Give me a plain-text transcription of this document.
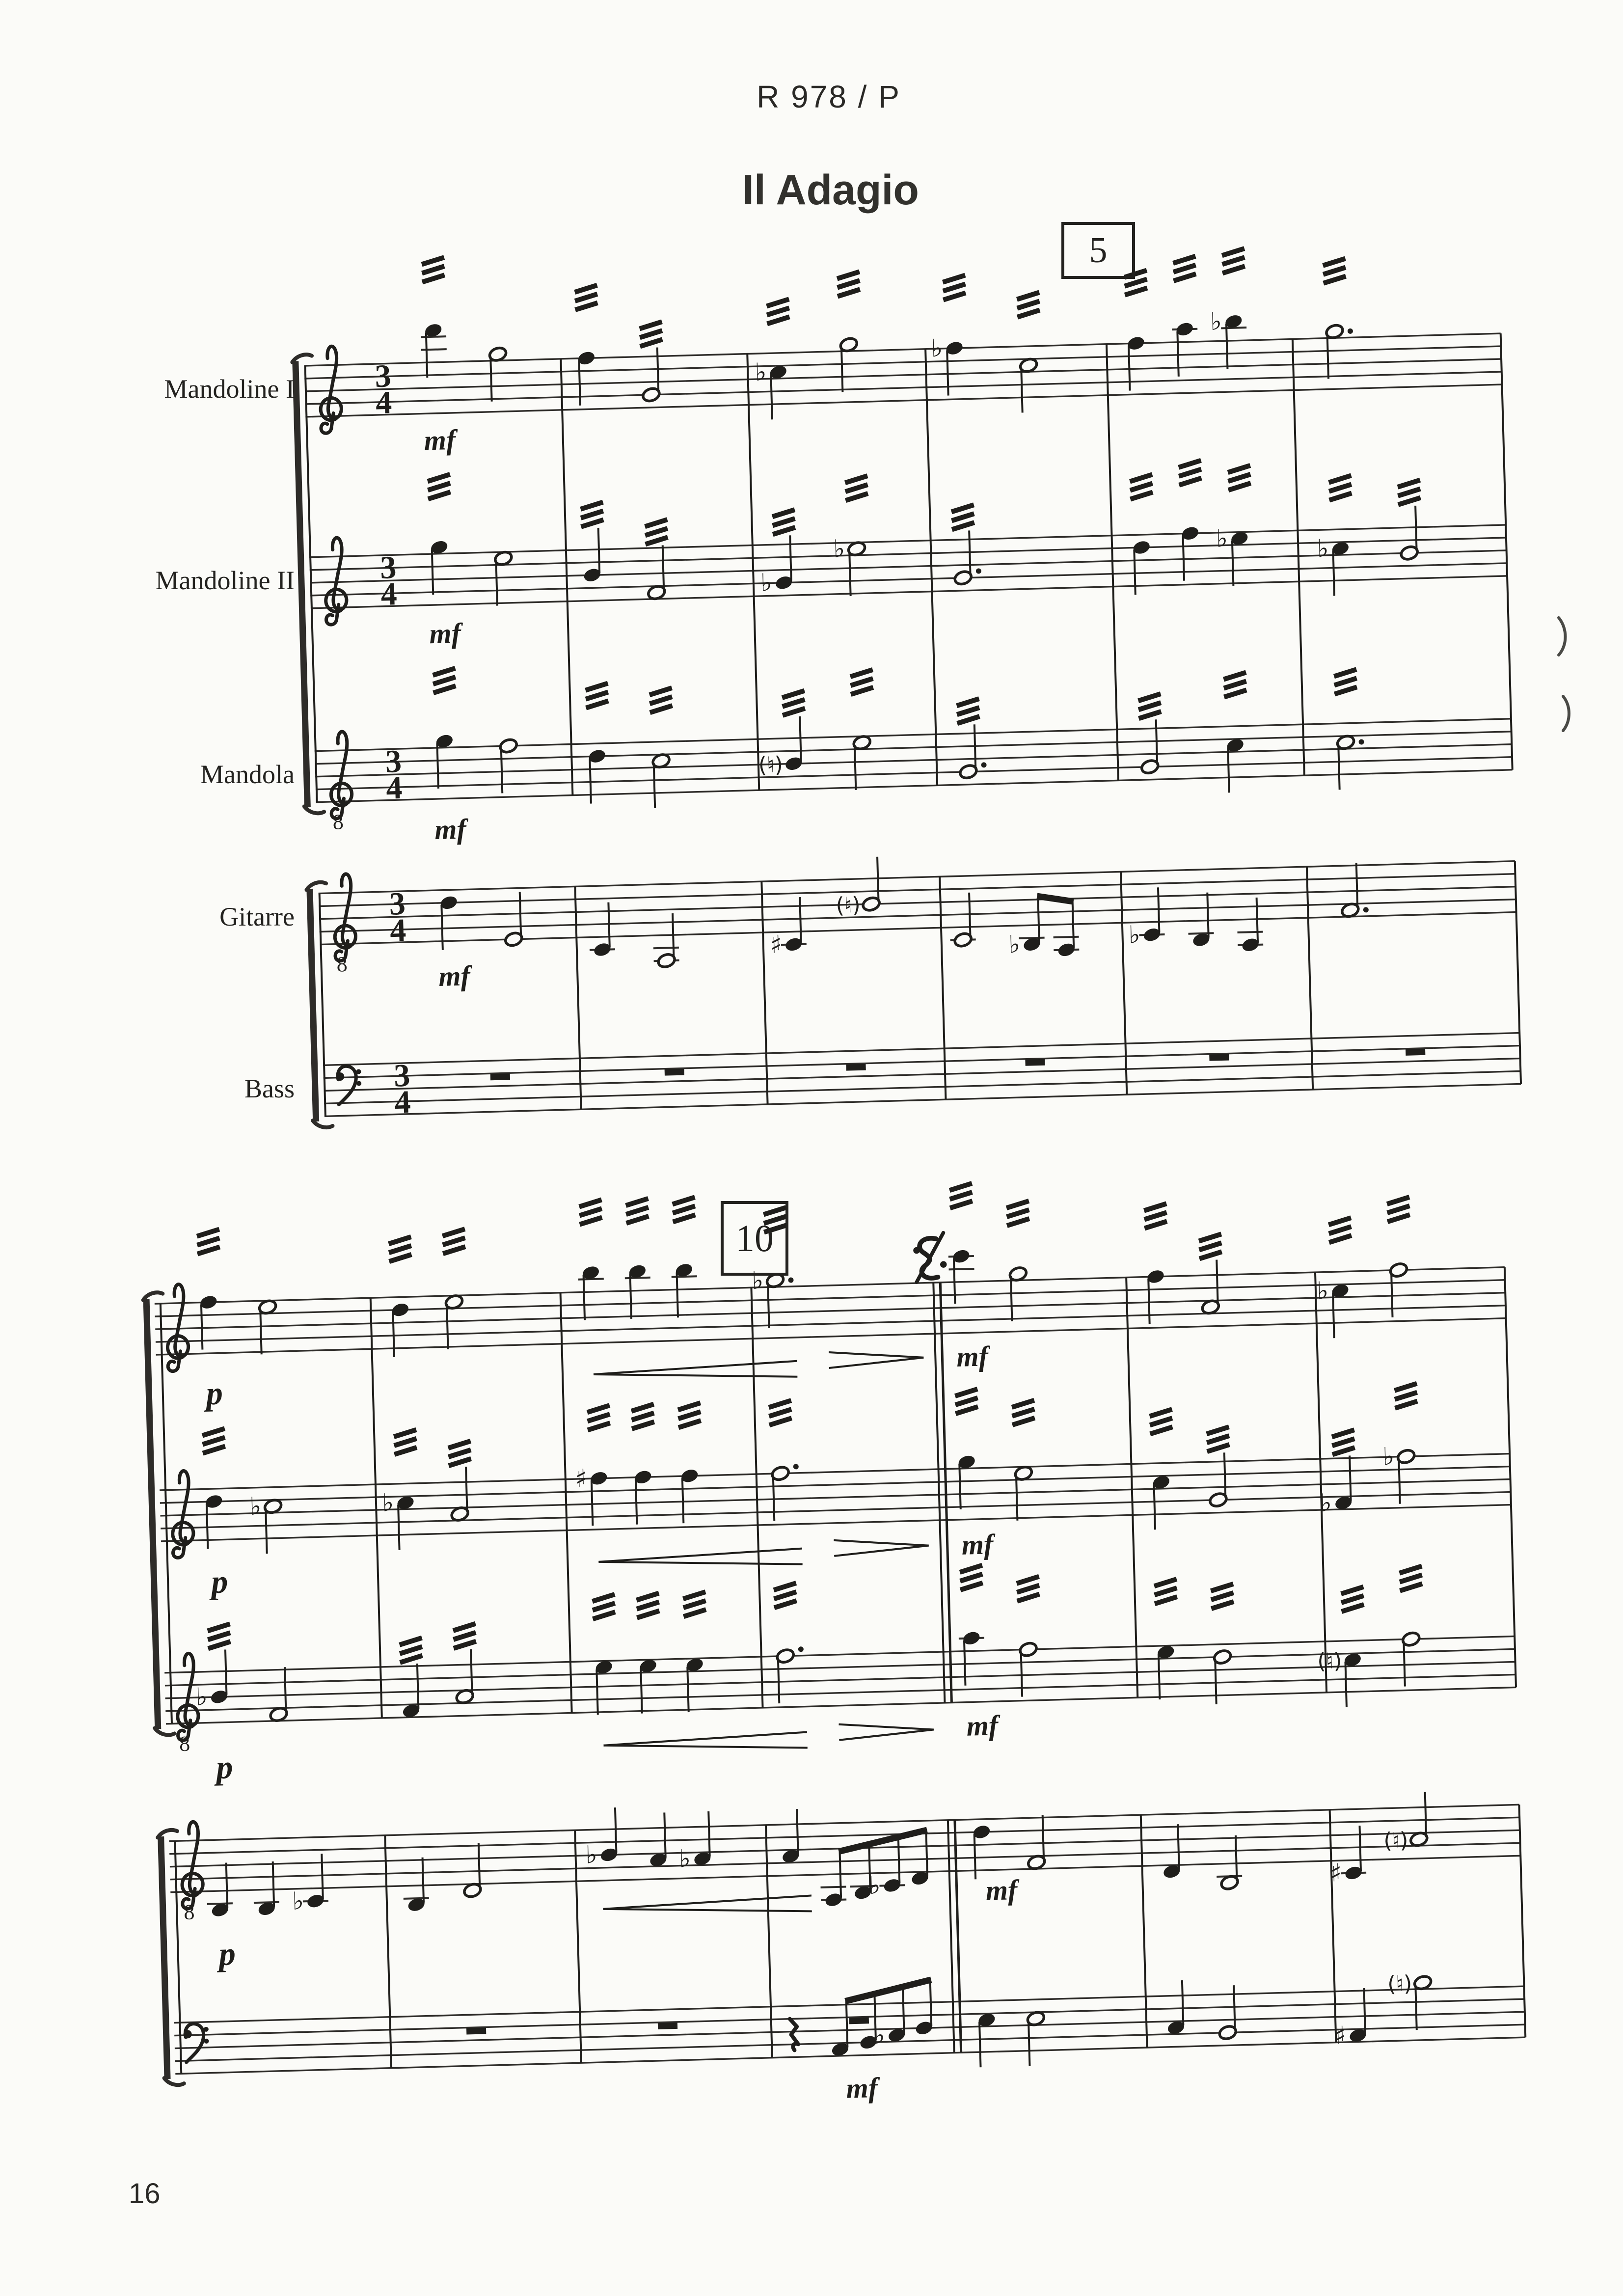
R 978 / P
Il Adagio
3
4
♭
♭
♭
mf
3
4	♭
♭	♭	♭
mf
8
3
4
(♮)
mf
8
3
4	♯
(♮)
♭	♭
mf
3
4
♭	♭
p
mf
♭	♭
♯
♭
♭
p
mf
8
♭
(♮)
p
mf
8	♭
♭	♭
♭	♯
(♮)
p
mf
♭	♯
(♮)
mf
Mandoline I
Mandoline II
Mandola
Gitarre
Bass
5
10
16
